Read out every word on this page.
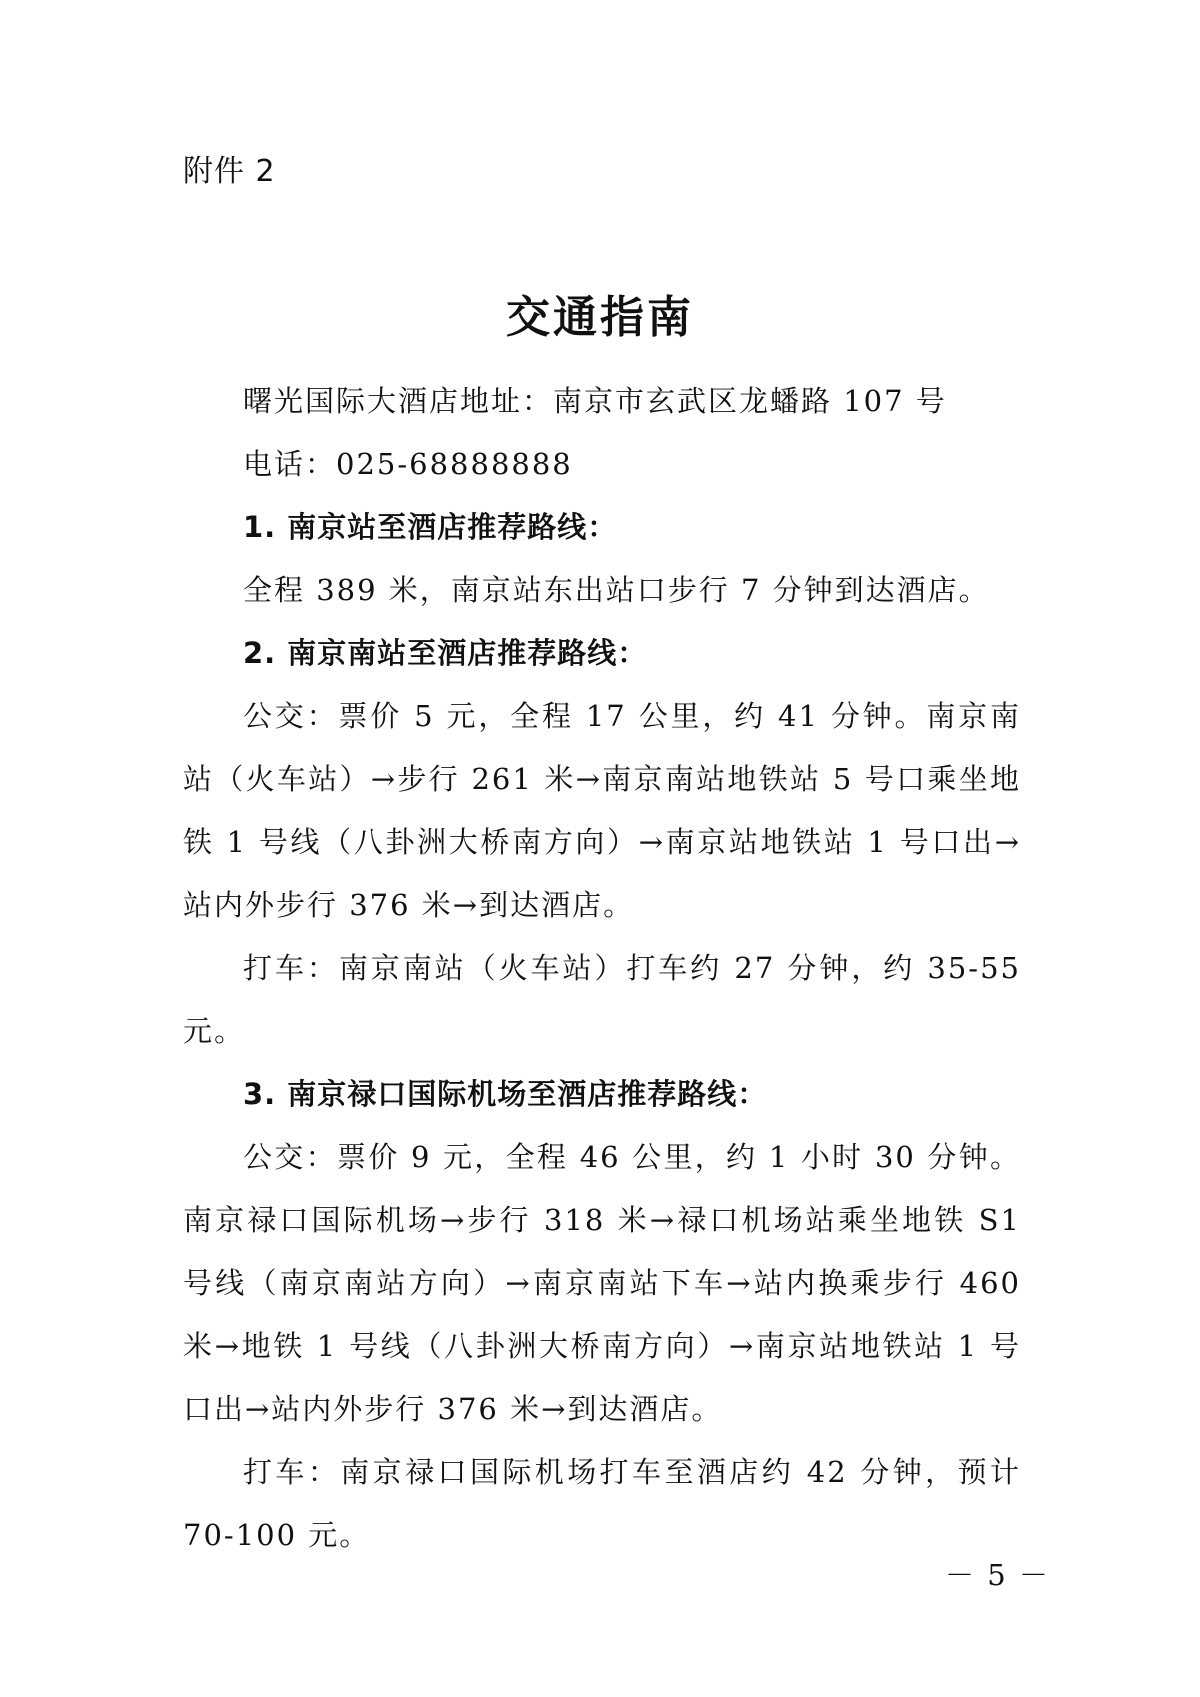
附件 2
交通指南

曙光国际大酒店地址：南京市玄武区龙蟠路 107 号

电话：025-68888888

1. 南京站至酒店推荐路线：

全程 389 米，南京站东出站口步行 7 分钟到达酒店。

2. 南京南站至酒店推荐路线：

公交：票价 5 元，全程 17 公里，约 41 分钟。南京南站（火车站）→步行 261 米→南京南站地铁站 5 号口乘坐地铁 1 号线（八卦洲大桥南方向）→南京站地铁站 1 号口出→站内外步行 376 米→到达酒店。

打车：南京南站（火车站）打车约 27 分钟，约 35-55 元。

3. 南京禄口国际机场至酒店推荐路线：

公交：票价 9 元，全程 46 公里，约 1 小时 30 分钟。南京禄口国际机场→步行 318 米→禄口机场站乘坐地铁 S1 号线（南京南站方向）→南京南站下车→站内换乘步行 460 米→地铁 1 号线（八卦洲大桥南方向）→南京站地铁站 1 号口出→站内外步行 376 米→到达酒店。

打车：南京禄口国际机场打车至酒店约 42 分钟，预计 70-100 元。

－ 5 －
